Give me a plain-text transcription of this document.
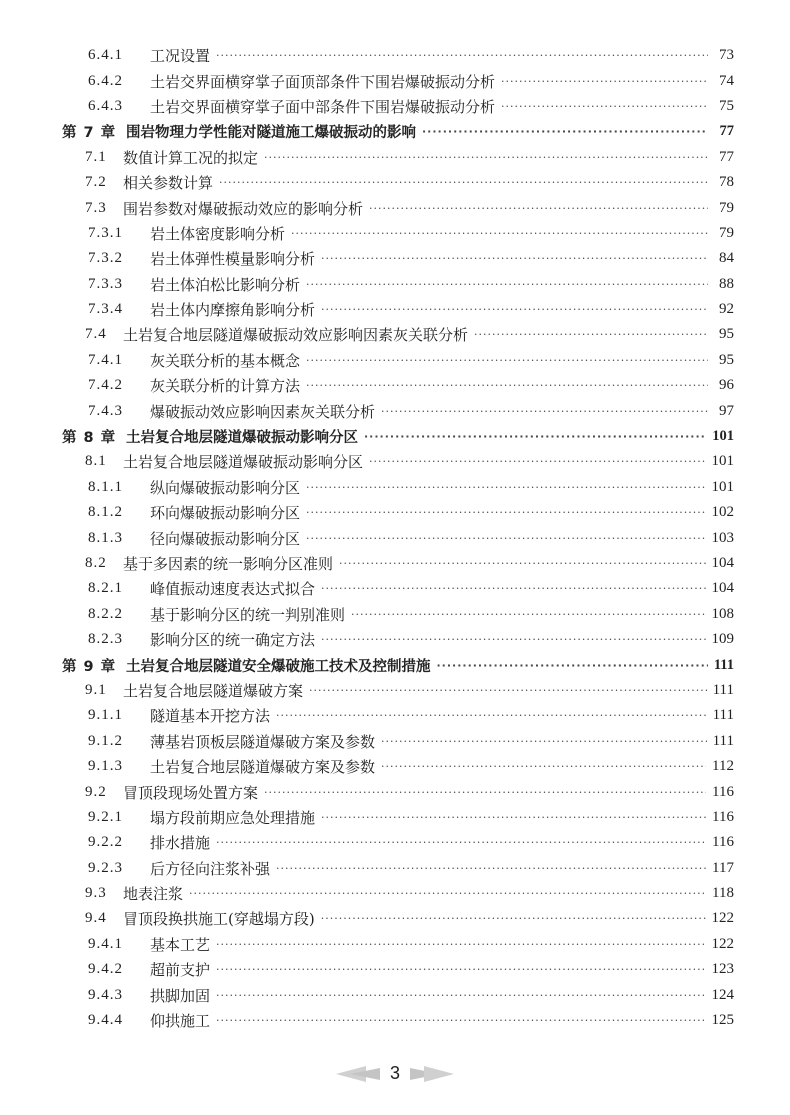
6.4.1	工况设置 ·····	73
6.4.2	土岩交界面横穿掌子面顶部条件下围岩爆破振动分析 ·····	74
6.4.3	土岩交界面横穿掌子面中部条件下围岩爆破振动分析 ·····	75
第 7 章 围岩物理力学性能对隧道施工爆破振动的影响 ·····	77
7.1 数值计算工况的拟定 ·····	77
7.2 相关参数计算 ·····	78
7.3 围岩参数对爆破振动效应的影响分析 ·····	79
7.3.1	岩土体密度影响分析 ·····	79
7.3.2	岩土体弹性模量影响分析 ·····	84
7.3.3	岩土体泊松比影响分析 ·····	88
7.3.4	岩土体内摩擦角影响分析 ·····	92
7.4 土岩复合地层隧道爆破振动效应影响因素灰关联分析 ·····	95
7.4.1	灰关联分析的基本概念 ·····	95
7.4.2	灰关联分析的计算方法 ·····	96
7.4.3	爆破振动效应影响因素灰关联分析 ·····	97
第 8 章 土岩复合地层隧道爆破振动影响分区 ·····	101
8.1 土岩复合地层隧道爆破振动影响分区 ·····	101
8.1.1	纵向爆破振动影响分区 ·····	101
8.1.2	环向爆破振动影响分区 ·····	102
8.1.3	径向爆破振动影响分区 ·····	103
8.2 基于多因素的统一影响分区准则 ·····	104
8.2.1	峰值振动速度表达式拟合 ·····	104
8.2.2	基于影响分区的统一判别准则 ·····	108
8.2.3	影响分区的统一确定方法 ·····	109
第 9 章 土岩复合地层隧道安全爆破施工技术及控制措施 ·····	111
9.1 土岩复合地层隧道爆破方案 ·····	111
9.1.1	隧道基本开挖方法 ·····	111
9.1.2	薄基岩顶板层隧道爆破方案及参数 ·····	111
9.1.3	土岩复合地层隧道爆破方案及参数 ·····	112
9.2 冒顶段现场处置方案 ·····	116
9.2.1	塌方段前期应急处理措施 ·····	116
9.2.2	排水措施 ·····	116
9.2.3	后方径向注浆补强 ·····	117
9.3 地表注浆 ·····	118
9.4 冒顶段换拱施工(穿越塌方段) ·····	122
9.4.1	基本工艺 ·····	122
9.4.2	超前支护 ·····	123
9.4.3	拱脚加固 ·····	124
9.4.4	仰拱施工 ·····	125
3
